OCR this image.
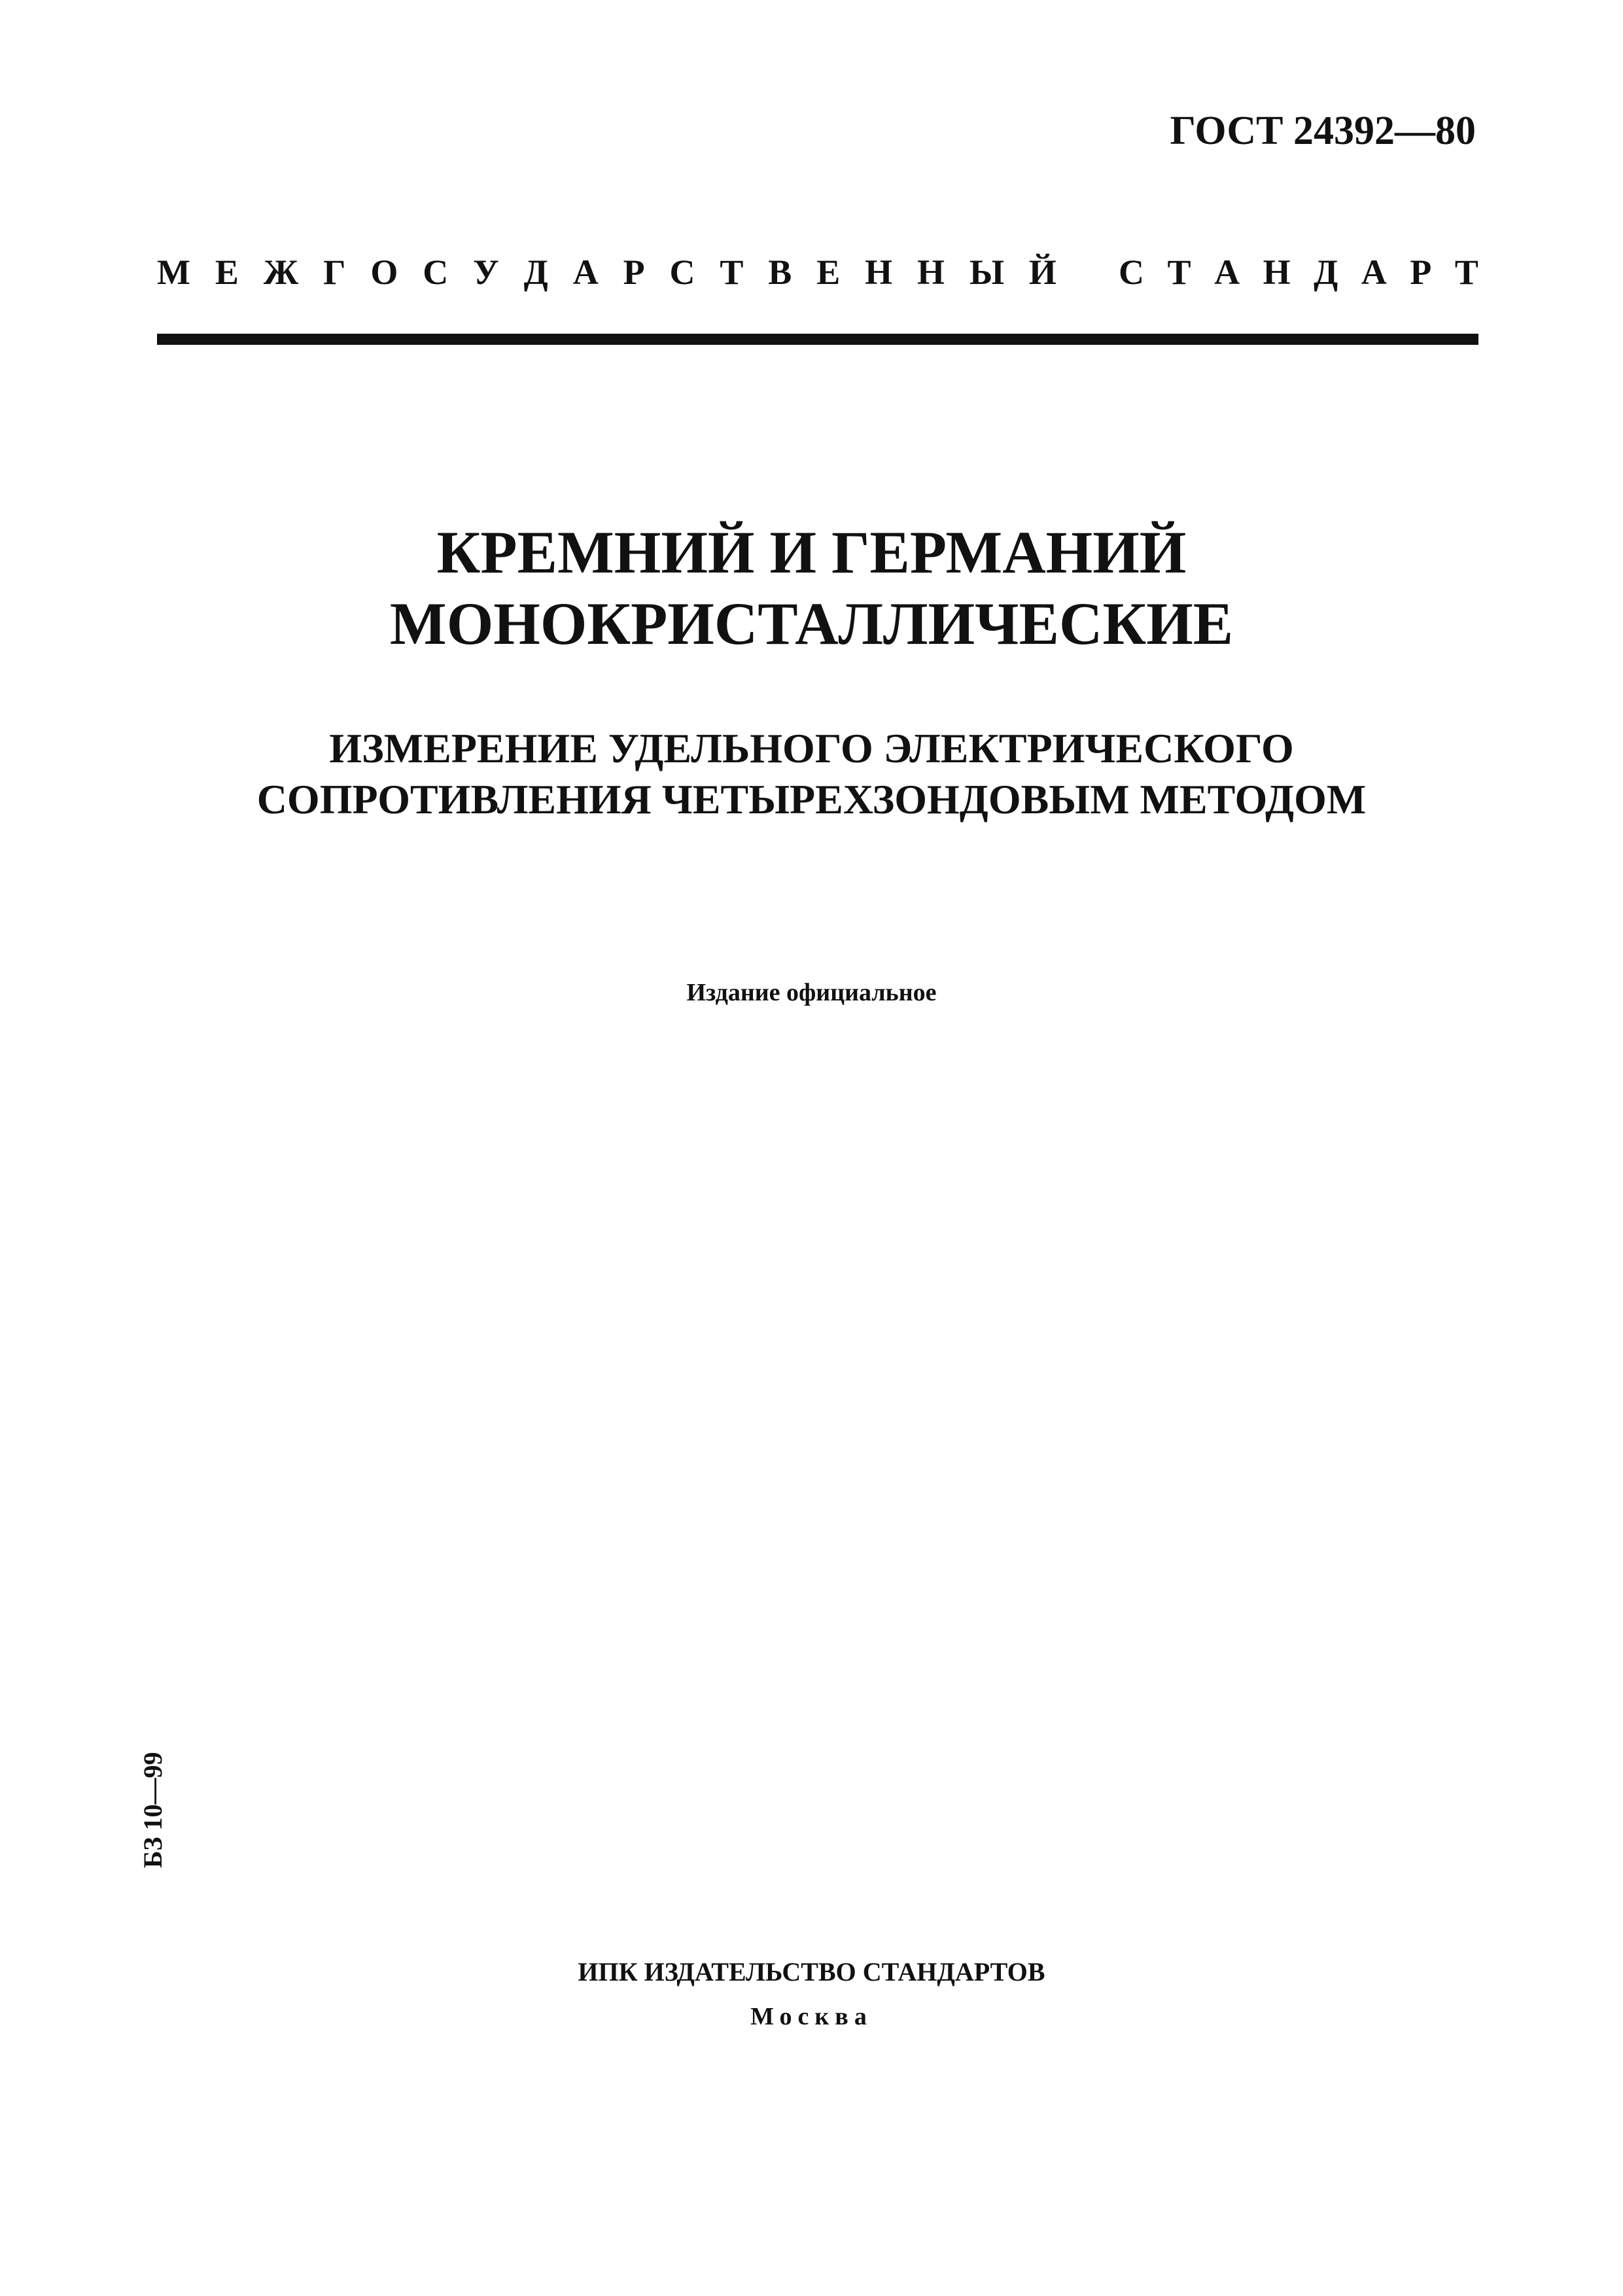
ГОСТ 24392—80
М Е Ж Г О С У Д А Р С Т В Е Н Н Ы Й С Т А Н Д А Р Т
КРЕМНИЙ И ГЕРМАНИЙ
МОНОКРИСТАЛЛИЧЕСКИЕ
ИЗМЕРЕНИЕ УДЕЛЬНОГО ЭЛЕКТРИЧЕСКОГО
СОПРОТИВЛЕНИЯ ЧЕТЫРЕХЗОНДОВЫМ МЕТОДОМ
Издание официальное
БЗ 10—99
ИПК ИЗДАТЕЛЬСТВО СТАНДАРТОВ
Москва
